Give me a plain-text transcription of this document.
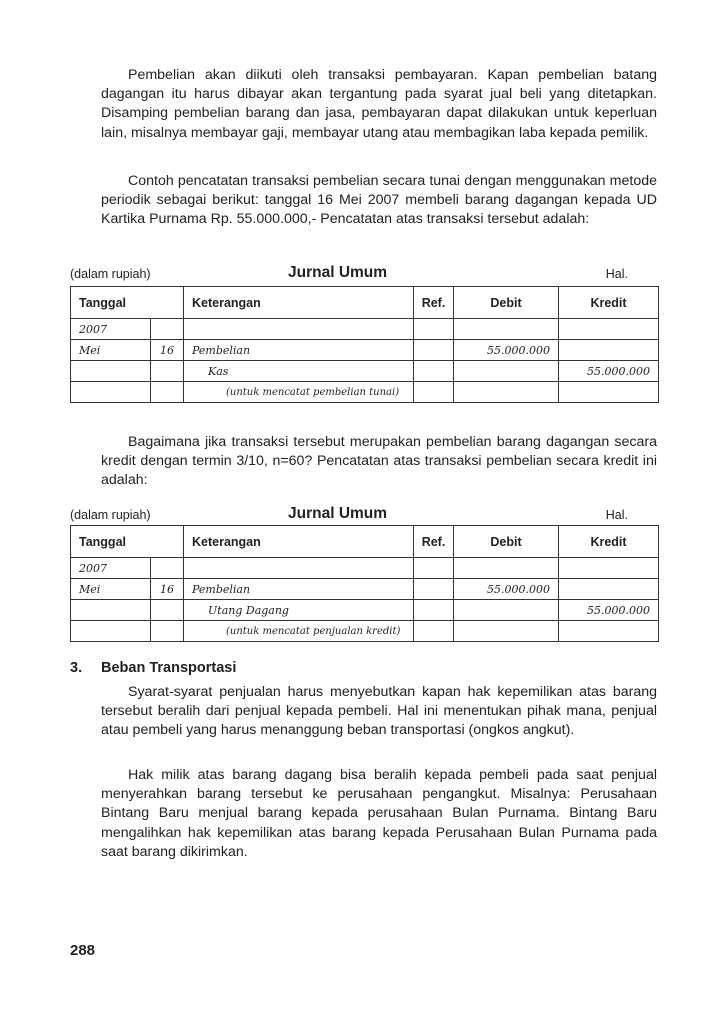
Pembelian akan diikuti oleh transaksi pembayaran. Kapan pembelian batang dagangan itu harus dibayar akan tergantung pada syarat jual beli yang ditetapkan. Disamping pembelian barang dan jasa, pembayaran dapat dilakukan untuk keperluan lain, misalnya membayar gaji, membayar utang atau membagikan laba kepada pemilik.

Contoh pencatatan transaksi pembelian secara tunai dengan menggunakan metode periodik sebagai berikut: tanggal 16 Mei 2007 membeli barang dagangan kepada UD Kartika Purnama Rp. 55.000.000,- Pencatatan atas transaksi tersebut adalah:

(dalam rupiah)	Jurnal Umum	Hal.
Tanggal		Keterangan	Ref.	Debit	Kredit
2007					
Mei	16	Pembelian		55.000.000	
		Kas			55.000.000
		(untuk mencatat pembelian tunai)			

Bagaimana jika transaksi tersebut merupakan pembelian barang dagangan secara kredit dengan termin 3/10, n=60? Pencatatan atas transaksi pembelian secara kredit ini adalah:

(dalam rupiah)	Jurnal Umum	Hal.
Tanggal		Keterangan	Ref.	Debit	Kredit
2007					
Mei	16	Pembelian		55.000.000	
		Utang Dagang			55.000.000
		(untuk mencatat penjualan kredit)			
3. Beban Transportasi

Syarat-syarat penjualan harus menyebutkan kapan hak kepemilikan atas barang tersebut beralih dari penjual kepada pembeli. Hal ini menentukan pihak mana, penjual atau pembeli yang harus menanggung beban transportasi (ongkos angkut).

Hak milik atas barang dagang bisa beralih kepada pembeli pada saat penjual menyerahkan barang tersebut ke perusahaan pengangkut. Misalnya: Perusahaan Bintang Baru menjual barang kepada perusahaan Bulan Purnama. Bintang Baru mengalihkan hak kepemilikan atas barang kepada Perusahaan Bulan Purnama pada saat barang dikirimkan.

288
